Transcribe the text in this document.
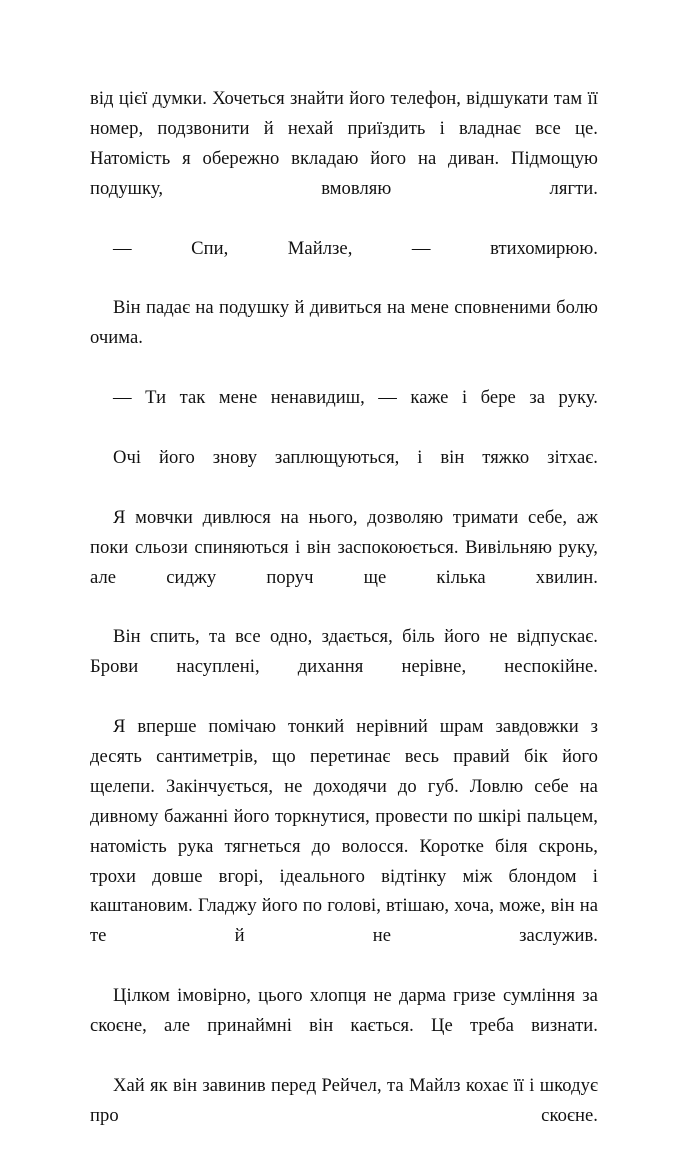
від цієї думки. Хочеться знайти його телефон, відшукати там її номер, подзвонити й нехай приїздить і владнає все це. Натомість я обережно вкладаю його на диван. Підмощую подушку, вмовляю лягти.

— Спи, Майлзе, — втихомирюю.

Він падає на подушку й дивиться на мене сповненими болю очима.

— Ти так мене ненавидиш, — каже і бере за руку.

Очі його знову заплющуються, і він тяжко зітхає.

Я мовчки дивлюся на нього, дозволяю тримати себе, аж поки сльози спиняються і він заспокоюється. Вивільняю руку, але сиджу поруч ще кілька хвилин.

Він спить, та все одно, здається, біль його не відпускає. Брови насуплені, дихання нерівне, неспокійне.

Я вперше помічаю тонкий нерівний шрам завдовжки з десять сантиметрів, що перетинає весь правий бік його щелепи. Закінчується, не доходячи до губ. Ловлю себе на дивному бажанні його торкнутися, провести по шкірі пальцем, натомість рука тягнеться до волосся. Коротке біля скронь, трохи довше вгорі, ідеального відтінку між блондом і каштановим. Гладжу його по голові, втішаю, хоча, може, він на те й не заслужив.

Цілком імовірно, цього хлопця не дарма гризе сумління за скоєне, але принаймні він кається. Це треба визнати.

Хай як він завинив перед Рейчел, та Майлз кохає її і шкодує про скоєне.
